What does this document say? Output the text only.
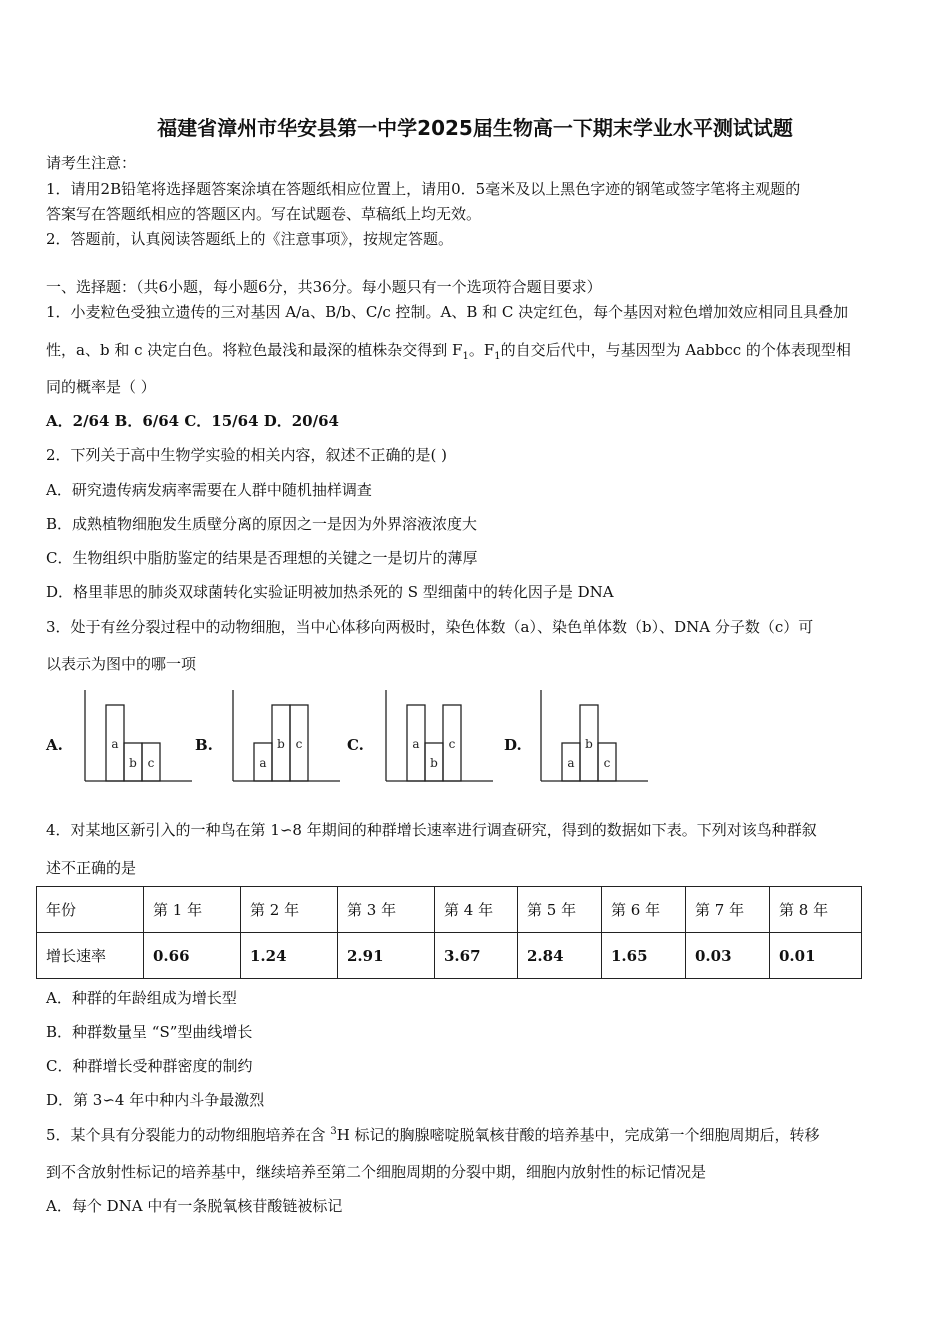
福建省漳州市华安县第一中学2025届生物高一下期末学业水平测试试题
请考生注意：
1．请用2B铅笔将选择题答案涂填在答题纸相应位置上，请用0．5毫米及以上黑色字迹的钢笔或签字笔将主观题的
答案写在答题纸相应的答题区内。写在试题卷、草稿纸上均无效。
2．答题前，认真阅读答题纸上的《注意事项》，按规定答题。
一、选择题：（共6小题，每小题6分，共36分。每小题只有一个选项符合题目要求）
1．小麦粒色受独立遗传的三对基因 A/a、B/b、C/c 控制。A、B 和 C 决定红色，每个基因对粒色增加效应相同且具叠加
性，a、b 和 c 决定白色。将粒色最浅和最深的植株杂交得到 $F_1$。$F_1$的自交后代中，与基因型为 Aabbcc 的个体表现型相
同的概率是（ ）
A．2/64 B．6/64 C．15/64 D．20/64
2．下列关于高中生物学实验的相关内容，叙述不正确的是( )
A．研究遗传病发病率需要在人群中随机抽样调查
B．成熟植物细胞发生质壁分离的原因之一是因为外界溶液浓度大
C．生物组织中脂肪鉴定的结果是否理想的关键之一是切片的薄厚
D．格里菲思的肺炎双球菌转化实验证明被加热杀死的 S 型细菌中的转化因子是 DNA
3．处于有丝分裂过程中的动物细胞，当中心体移向两极时，染色体数（a）、染色单体数（b）、DNA 分子数（c）可
以表示为图中的哪一项
A.	B.	C.	D.
a
b c	a
b c	a
b
c
a
b
c
4．对某地区新引入的一种鸟在第 1∽8 年期间的种群增长速率进行调查研究，得到的数据如下表。下列对该鸟种群叙
述不正确的是
年份	第 1 年	第 2 年	第 3 年	第 4 年	第 5 年	第 6 年	第 7 年	第 8 年
增长速率	0.66	1.24	2.91	3.67	2.84	1.65	0.03	0.01
A．种群的年龄组成为增长型
B．种群数量呈 “S”型曲线增长
C．种群增长受种群密度的制约
D．第 3∽4 年中种内斗争最激烈
5．某个具有分裂能力的动物细胞培养在含 $^3$H 标记的胸腺嘧啶脱氧核苷酸的培养基中，完成第一个细胞周期后，转移
到不含放射性标记的培养基中，继续培养至第二个细胞周期的分裂中期，细胞内放射性的标记情况是
A．每个 DNA 中有一条脱氧核苷酸链被标记
